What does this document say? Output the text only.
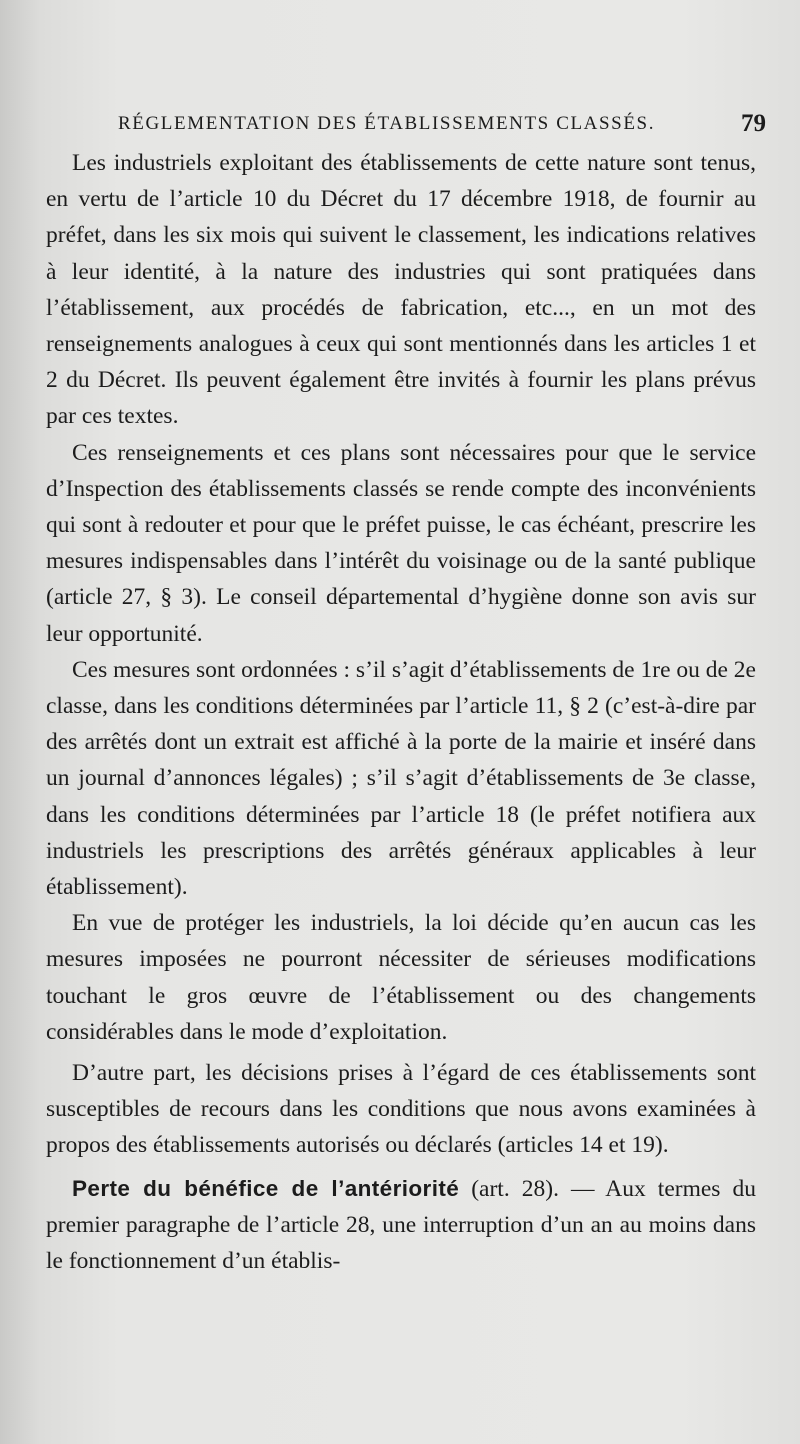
RÉGLEMENTATION DES ÉTABLISSEMENTS CLASSÉS.	79

Les industriels exploitant des établissements de cette nature sont tenus, en vertu de l’article 10 du Décret du 17 décembre 1918, de fournir au préfet, dans les six mois qui suivent le classement, les indications relatives à leur identité, à la nature des industries qui sont pratiquées dans l’établissement, aux procédés de fabrication, etc..., en un mot des renseignements analogues à ceux qui sont mentionnés dans les articles 1 et 2 du Décret. Ils peuvent également être invités à fournir les plans prévus par ces textes.

Ces renseignements et ces plans sont nécessaires pour que le service d’Inspection des établissements classés se rende compte des inconvénients qui sont à redouter et pour que le préfet puisse, le cas échéant, prescrire les mesures indispensables dans l’intérêt du voisinage ou de la santé publique (article 27, § 3). Le conseil départemental d’hygiène donne son avis sur leur opportunité.

Ces mesures sont ordonnées : s’il s’agit d’établissements de 1re ou de 2e classe, dans les conditions déterminées par l’article 11, § 2 (c’est-à-dire par des arrêtés dont un extrait est affiché à la porte de la mairie et inséré dans un journal d’annonces légales) ; s’il s’agit d’établissements de 3e classe, dans les conditions déterminées par l’article 18 (le préfet notifiera aux industriels les prescriptions des arrêtés généraux applicables à leur établissement).

En vue de protéger les industriels, la loi décide qu’en aucun cas les mesures imposées ne pourront nécessiter de sérieuses modifications touchant le gros œuvre de l’établissement ou des changements considérables dans le mode d’exploitation.

D’autre part, les décisions prises à l’égard de ces établissements sont susceptibles de recours dans les conditions que nous avons examinées à propos des établissements autorisés ou déclarés (articles 14 et 19).

Perte du bénéfice de l’antériorité (art. 28). — Aux termes du premier paragraphe de l’article 28, une interruption d’un an au moins dans le fonctionnement d’un établis-
